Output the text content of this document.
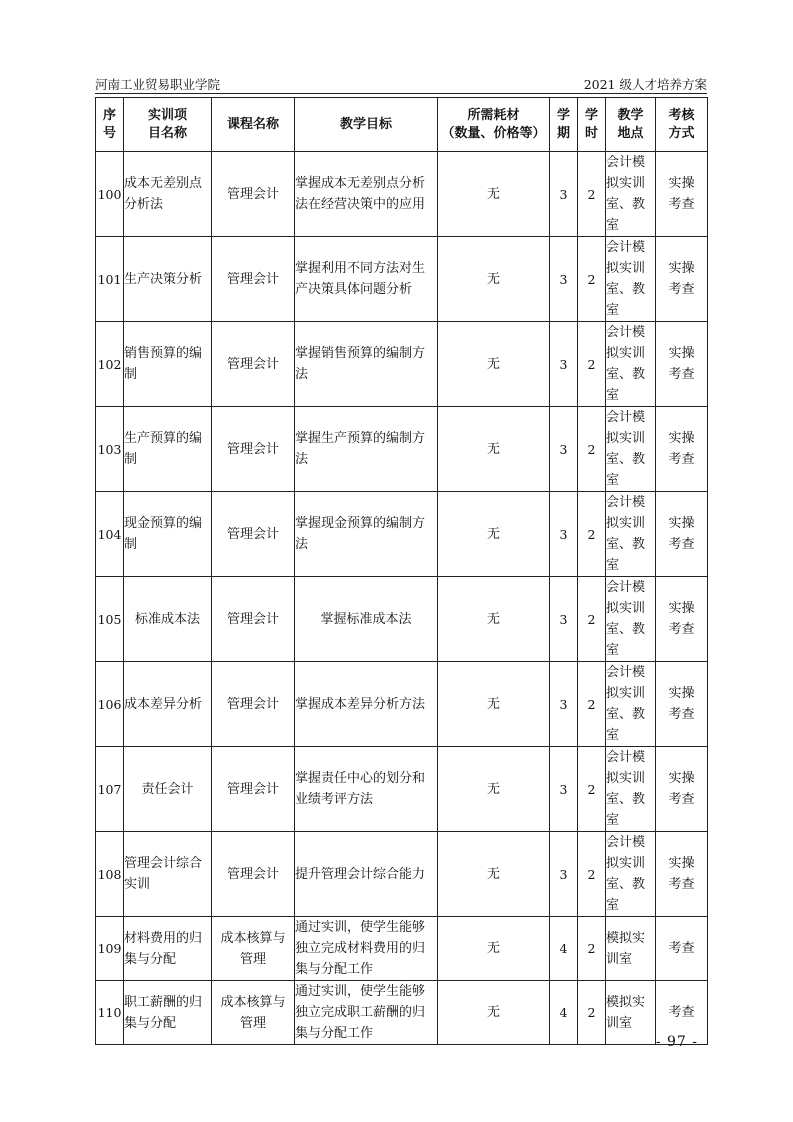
河南工业贸易职业学院	2021 级人才培养方案
序
号	实训项
目名称	课程名称	教学目标	所需耗材
（数量、价格等）	学
期	学
时	教学
地点	考核
方式
100	成本无差别点
分析法	管理会计	掌握成本无差别点分析
法在经营决策中的应用	无	3	2	会计模
拟实训
室、教
室	实操
考查
101	生产决策分析	管理会计	掌握利用不同方法对生
产决策具体问题分析	无	3	2	会计模
拟实训
室、教
室	实操
考查
102	销售预算的编
制	管理会计	掌握销售预算的编制方
法	无	3	2	会计模
拟实训
室、教
室	实操
考查
103	生产预算的编
制	管理会计	掌握生产预算的编制方
法	无	3	2	会计模
拟实训
室、教
室	实操
考查
104	现金预算的编
制	管理会计	掌握现金预算的编制方
法	无	3	2	会计模
拟实训
室、教
室	实操
考查
105	标准成本法	管理会计	掌握标准成本法	无	3	2	会计模
拟实训
室、教
室	实操
考查
106	成本差异分析	管理会计	掌握成本差异分析方法	无	3	2	会计模
拟实训
室、教
室	实操
考查
107	责任会计	管理会计	掌握责任中心的划分和
业绩考评方法	无	3	2	会计模
拟实训
室、教
室	实操
考查
108	管理会计综合
实训	管理会计	提升管理会计综合能力	无	3	2	会计模
拟实训
室、教
室	实操
考查
109	材料费用的归
集与分配	成本核算与
管理	通过实训，使学生能够
独立完成材料费用的归
集与分配工作	无	4	2	模拟实
训室	考查
110	职工薪酬的归
集与分配	成本核算与
管理	通过实训，使学生能够
独立完成职工薪酬的归
集与分配工作	无	4	2	模拟实
训室	考查
- 97 -
